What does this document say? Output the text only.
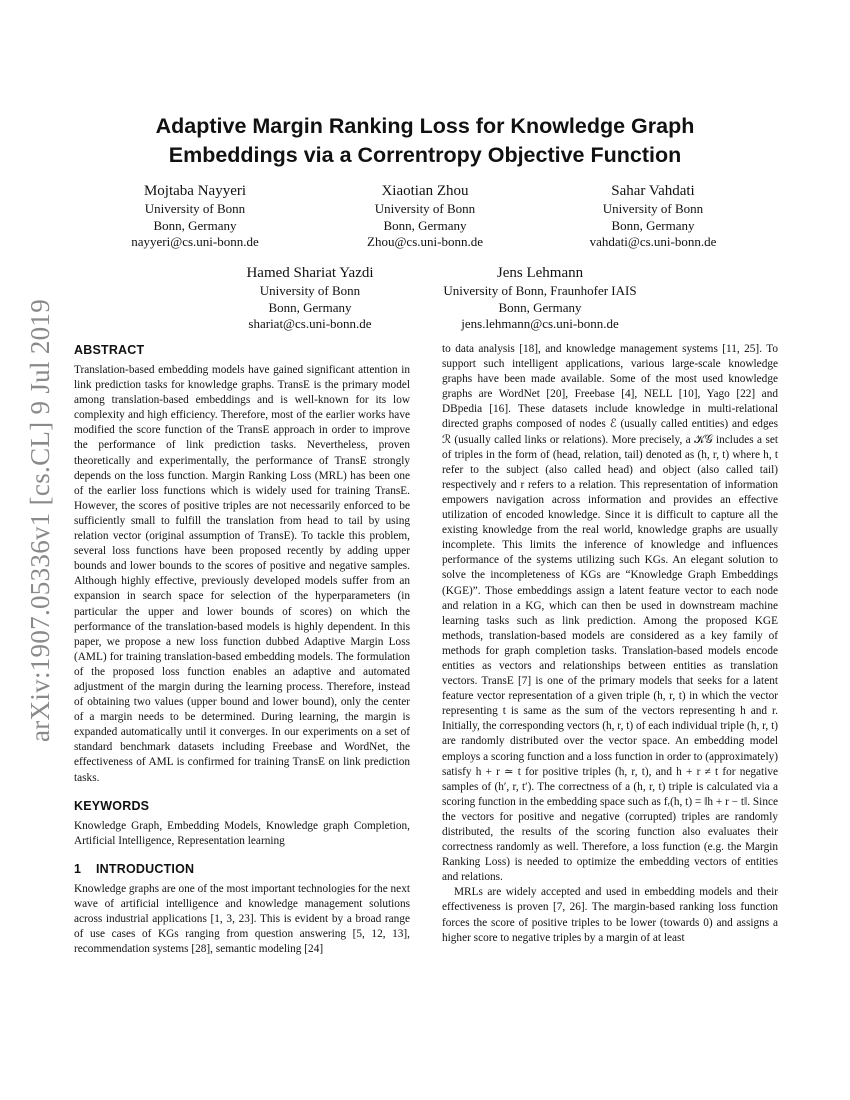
arXiv:1907.05336v1 [cs.CL] 9 Jul 2019
Adaptive Margin Ranking Loss for Knowledge Graph
Embeddings via a Correntropy Objective Function
Mojtaba Nayyeri
University of Bonn
Bonn, Germany
nayyeri@cs.uni-bonn.de
Xiaotian Zhou
University of Bonn
Bonn, Germany
Zhou@cs.uni-bonn.de
Sahar Vahdati
University of Bonn
Bonn, Germany
vahdati@cs.uni-bonn.de
Hamed Shariat Yazdi
University of Bonn
Bonn, Germany
shariat@cs.uni-bonn.de
Jens Lehmann
University of Bonn, Fraunhofer IAIS
Bonn, Germany
jens.lehmann@cs.uni-bonn.de
ABSTRACT

Translation-based embedding models have gained significant attention in link prediction tasks for knowledge graphs. TransE is the primary model among translation-based embeddings and is well-known for its low complexity and high efficiency. Therefore, most of the earlier works have modified the score function of the TransE approach in order to improve the performance of link prediction tasks. Nevertheless, proven theoretically and experimentally, the performance of TransE strongly depends on the loss function. Margin Ranking Loss (MRL) has been one of the earlier loss functions which is widely used for training TransE. However, the scores of positive triples are not necessarily enforced to be sufficiently small to fulfill the translation from head to tail by using relation vector (original assumption of TransE). To tackle this problem, several loss functions have been proposed recently by adding upper bounds and lower bounds to the scores of positive and negative samples. Although highly effective, previously developed models suffer from an expansion in search space for selection of the hyperparameters (in particular the upper and lower bounds of scores) on which the performance of the translation-based models is highly dependent. In this paper, we propose a new loss function dubbed Adaptive Margin Loss (AML) for training translation-based embedding models. The formulation of the proposed loss function enables an adaptive and automated adjustment of the margin during the learning process. Therefore, instead of obtaining two values (upper bound and lower bound), only the center of a margin needs to be determined. During learning, the margin is expanded automatically until it converges. In our experiments on a set of standard benchmark datasets including Freebase and WordNet, the effectiveness of AML is confirmed for training TransE on link prediction tasks.

KEYWORDS

Knowledge Graph, Embedding Models, Knowledge graph Completion, Artificial Intelligence, Representation learning

1 INTRODUCTION

Knowledge graphs are one of the most important technologies for the next wave of artificial intelligence and knowledge management solutions across industrial applications [1, 3, 23]. This is evident by a broad range of use cases of KGs ranging from question answering [5, 12, 13], recommendation systems [28], semantic modeling [24]

to data analysis [18], and knowledge management systems [11, 25]. To support such intelligent applications, various large-scale knowledge graphs have been made available. Some of the most used knowledge graphs are WordNet [20], Freebase [4], NELL [10], Yago [22] and DBpedia [16]. These datasets include knowledge in multi-relational directed graphs composed of nodes ℰ (usually called entities) and edges ℛ (usually called links or relations). More precisely, a 𝒦𝒢 includes a set of triples in the form of (head, relation, tail) denoted as (h, r, t) where h, t refer to the subject (also called head) and object (also called tail) respectively and r refers to a relation. This representation of information empowers navigation across information and provides an effective utilization of encoded knowledge. Since it is difficult to capture all the existing knowledge from the real world, knowledge graphs are usually incomplete. This limits the inference of knowledge and influences performance of the systems utilizing such KGs. An elegant solution to solve the incompleteness of KGs are “Knowledge Graph Embeddings (KGE)”. Those embeddings assign a latent feature vector to each node and relation in a KG, which can then be used in downstream machine learning tasks such as link prediction. Among the proposed KGE methods, translation-based models are considered as a key family of methods for graph completion tasks. Translation-based models encode entities as vectors and relationships between entities as translation vectors. TransE [7] is one of the primary models that seeks for a latent feature vector representation of a given triple (h, r, t) in which the vector representing t is same as the sum of the vectors representing h and r. Initially, the corresponding vectors (h, r, t) of each individual triple (h, r, t) are randomly distributed over the vector space. An embedding model employs a scoring function and a loss function in order to (approximately) satisfy h + r ≃ t for positive triples (h, r, t), and h + r ≠ t for negative samples of (h′, r, t′). The correctness of a (h, r, t) triple is calculated via a scoring function in the embedding space such as fᵣ(h, t) = ‖h + r − t‖. Since the vectors for positive and negative (corrupted) triples are randomly distributed, the results of the scoring function also evaluates their correctness randomly as well. Therefore, a loss function (e.g. the Margin Ranking Loss) is needed to optimize the embedding vectors of entities and relations.

MRLs are widely accepted and used in embedding models and their effectiveness is proven [7, 26]. The margin-based ranking loss function forces the score of positive triples to be lower (towards 0) and assigns a higher score to negative triples by a margin of at least
